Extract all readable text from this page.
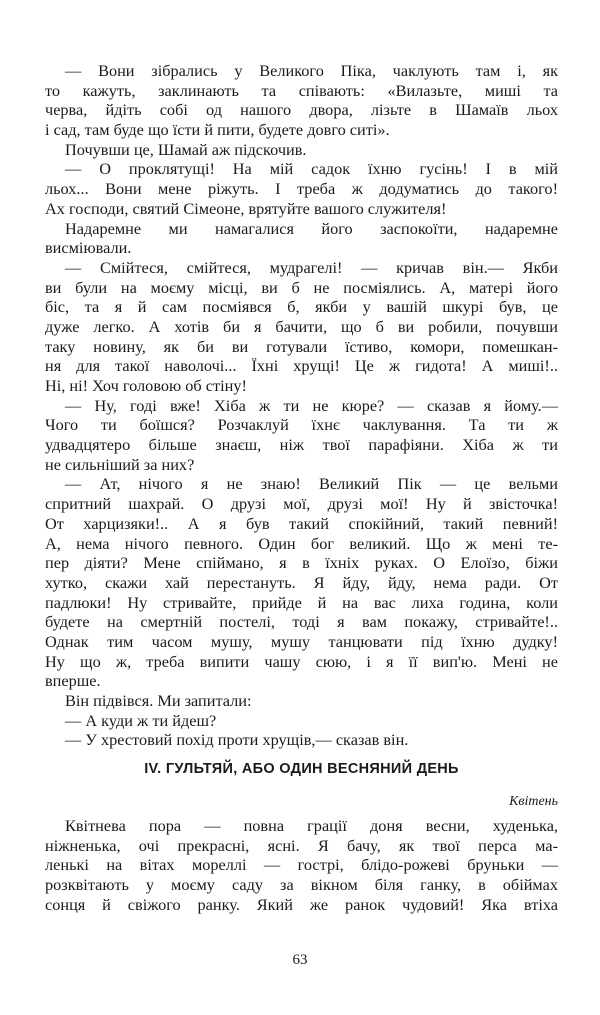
— Вони зібрались у Великого Піка, чаклують там і, як
то кажуть, заклинають та співають: «Вилазьте, миші та
черва, йдіть собі од нашого двора, лізьте в Шамаїв льох
і сад, там буде що їсти й пити, будете довго ситі».
Почувши це, Шамай аж підскочив.
— О проклятущі! На мій садок їхню гусінь! І в мій
льох... Вони мене ріжуть. І треба ж додуматись до такого!
Ах господи, святий Сімеоне, врятуйте вашого служителя!
Надаремне ми намагалися його заспокоїти, надаремне
висміювали.
— Смійтеся, смійтеся, мудрагелі! — кричав він.— Якби
ви були на моєму місці, ви б не посміялись. А, матері його
біс, та я й сам посміявся б, якби у вашій шкурі був, це
дуже легко. А хотів би я бачити, що б ви робили, почувши
таку новину, як би ви готували їстиво, комори, помешкан-
ня для такої наволочі... Їхні хрущі! Це ж гидота! А миші!..
Ні, ні! Хоч головою об стіну!
— Ну, годі вже! Хіба ж ти не кюре? — сказав я йому.—
Чого ти боїшся? Розчаклуй їхнє чаклування. Та ти ж
удвадцятеро більше знаєш, ніж твої парафіяни. Хіба ж ти
не сильніший за них?
— Ат, нічого я не знаю! Великий Пік — це вельми
спритний шахрай. О друзі мої, друзі мої! Ну й звісточка!
От харцизяки!.. А я був такий спокійний, такий певний!
А, нема нічого певного. Один бог великий. Що ж мені те-
пер діяти? Мене спіймано, я в їхніх руках. О Елоїзо, біжи
хутко, скажи хай перестануть. Я йду, йду, нема ради. От
падлюки! Ну стривайте, прийде й на вас лиха година, коли
будете на смертній постелі, тоді я вам покажу, стривайте!..
Однак тим часом мушу, мушу танцювати під їхню дудку!
Ну що ж, треба випити чашу сюю, і я її вип'ю. Мені не
вперше.
Він підвівся. Ми запитали:
— А куди ж ти йдеш?
— У хрестовий похід проти хрущів,— сказав він.
IV. ГУЛЬТЯЙ, АБО ОДИН ВЕСНЯНИЙ ДЕНЬ
Квітень
Квітнева пора — повна грації доня весни, худенька,
ніжненька, очі прекрасні, ясні. Я бачу, як твої перса ма-
ленькі на вітах мореллі — гострі, блідо-рожеві бруньки —
розквітають у моєму саду за вікном біля ганку, в обіймах
сонця й свіжого ранку. Який же ранок чудовий! Яка втіха
63
